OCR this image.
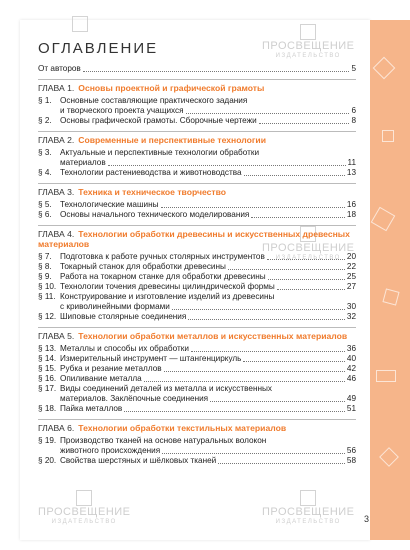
ПРОСВЕЩЕНИЕ
ИЗДАТЕЛЬСТВО
ПРОСВЕЩЕНИЕ
ИЗДАТЕЛЬСТВО
ПРОСВЕЩЕНИЕ
ИЗДАТЕЛЬСТВО
ПРОСВЕЩЕНИЕ
ИЗДАТЕЛЬСТВО
ОГЛАВЛЕНИЕ
От авторов	5
ГЛАВА 1. Основы проектной и графической грамоты
§ 1.	Основные составляющие практического задания
и творческого проекта учащихся	6
§ 2.	Основы графической грамоты. Сборочные чертежи	8
ГЛАВА 2. Современные и перспективные технологии
§ 3.	Актуальные и перспективные технологии обработки
материалов	11
§ 4.	Технологии растениеводства и животноводства	13
ГЛАВА 3. Техника и техническое творчество
§ 5.	Технологические машины	16
§ 6.	Основы начального технического моделирования	18
ГЛАВА 4. Технологии обработки древесины и искусственных древесных материалов
§ 7.	Подготовка к работе ручных столярных инструментов	20
§ 8.	Токарный станок для обработки древесины	22
§ 9.	Работа на токарном станке для обработки древесины	25
§ 10. Технологии точения древесины цилиндрической формы	27
§ 11. Конструирование и изготовление изделий из древесины
с криволинейными формами	30
§ 12. Шиповые столярные соединения	32
ГЛАВА 5. Технологии обработки металлов и искусственных материалов
§ 13. Металлы и способы их обработки	36
§ 14. Измерительный инструмент — штангенциркуль	40
§ 15. Рубка и резание металлов	42
§ 16. Опиливание металла	46
§ 17. Виды соединений деталей из металла и искусственных
материалов. Заклёпочные соединения	49
§ 18. Пайка металлов	51
ГЛАВА 6. Технологии обработки текстильных материалов
§ 19. Производство тканей на основе натуральных волокон
животного происхождения	56
§ 20. Свойства шерстяных и шёлковых тканей	58
3
